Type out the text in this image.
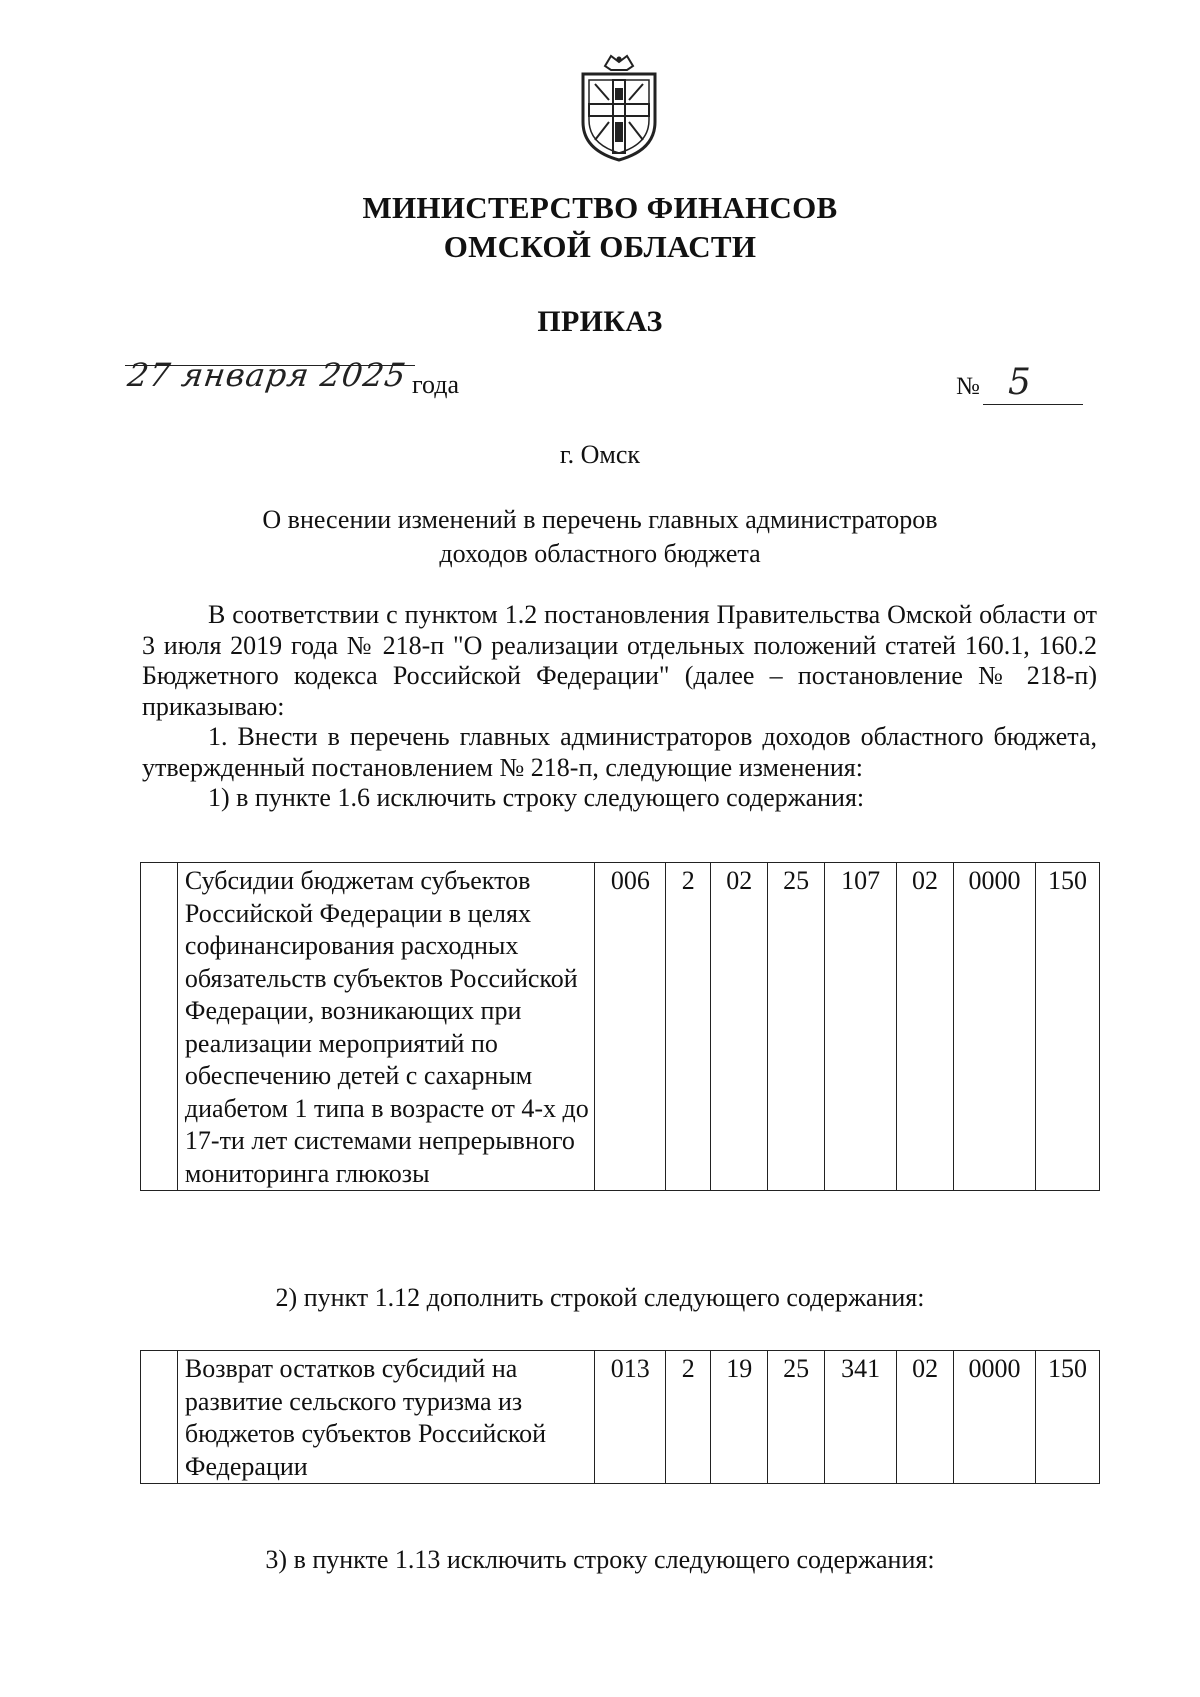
МИНИСТЕРСТВО ФИНАНСОВ
ОМСКОЙ ОБЛАСТИ
ПРИКАЗ
27 января 2025 года	№ 5
г. Омск
О внесении изменений в перечень главных администраторов
доходов областного бюджета

В соответствии с пунктом 1.2 постановления Правительства Омской области от 3 июля 2019 года № 218-п "О реализации отдельных положений статей 160.1, 160.2 Бюджетного кодекса Российской Федерации" (далее – постановление № 218-п) приказываю:

1. Внести в перечень главных администраторов доходов областного бюджета, утвержденный постановлением № 218-п, следующие изменения:

1) в пункте 1.6 исключить строку следующего содержания:

	Субсидии бюджетам субъектов Российской Федерации в целях софинансирования расходных обязательств субъектов Российской Федерации, возникающих при реализации мероприятий по обеспечению детей с сахарным диабетом 1 типа в возрасте от 4-х до 17-ти лет системами непрерывного мониторинга глюкозы	006	2	02	25	107	02	0000	150
2) пункт 1.12 дополнить строкой следующего содержания:
	Возврат остатков субсидий на развитие сельского туризма из бюджетов субъектов Российской Федерации	013	2	19	25	341	02	0000	150
3) в пункте 1.13 исключить строку следующего содержания:
